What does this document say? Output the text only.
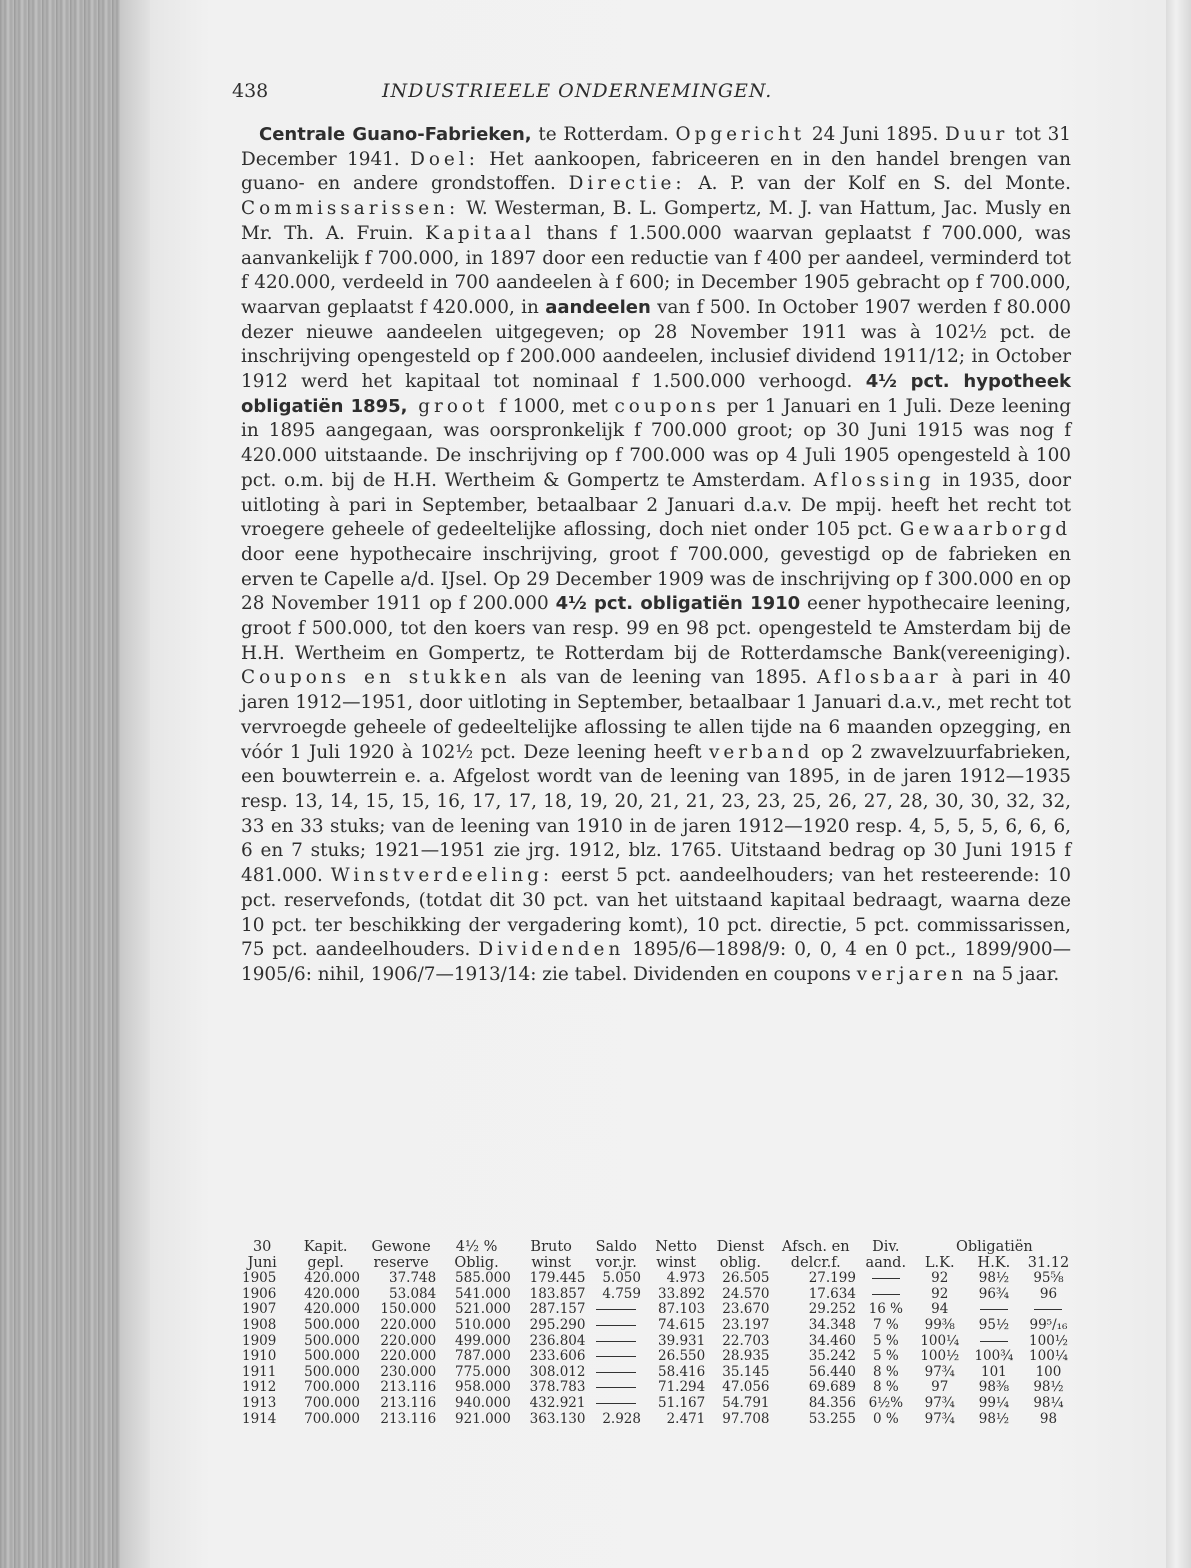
438	INDUSTRIEELE ONDERNEMINGEN.

Centrale Guano-Fabrieken, te Rotterdam. Opgericht 24 Juni 1895. Duur tot 31 December 1941. Doel: Het aankoopen, fabriceeren en in den handel brengen van guano- en andere grondstoffen. Directie: A. P. van der Kolf en S. del Monte. Commissarissen: W. Westerman, B. L. Gompertz, M. J. van Hattum, Jac. Musly en Mr. Th. A. Fruin. Kapitaal thans f 1.500.000 waarvan geplaatst f 700.000, was aanvankelijk f 700.000, in 1897 door een reductie van f 400 per aandeel, verminderd tot f 420.000, verdeeld in 700 aandeelen à f 600; in December 1905 gebracht op f 700.000, waarvan geplaatst f 420.000, in aandeelen van f 500. In October 1907 werden f 80.000 dezer nieuwe aandeelen uitgegeven; op 28 November 1911 was à 102½ pct. de inschrijving opengesteld op f 200.000 aandeelen, inclusief dividend 1911/12; in October 1912 werd het kapitaal tot nominaal f 1.500.000 verhoogd. 4½ pct. hypotheek obligatiën 1895, groot f 1000, met coupons per 1 Januari en 1 Juli. Deze leening in 1895 aangegaan, was oorspronkelijk f 700.000 groot; op 30 Juni 1915 was nog f 420.000 uitstaande. De inschrijving op f 700.000 was op 4 Juli 1905 opengesteld à 100 pct. o.m. bij de H.H. Wertheim & Gompertz te Amsterdam. Aflossing in 1935, door uitloting à pari in September, betaalbaar 2 Januari d.a.v. De mpij. heeft het recht tot vroegere geheele of gedeeltelijke aflossing, doch niet onder 105 pct. Gewaarborgd door eene hypothecaire inschrijving, groot f 700.000, gevestigd op de fabrieken en erven te Capelle a/d. IJsel. Op 29 December 1909 was de inschrijving op f 300.000 en op 28 November 1911 op f 200.000 4½ pct. obligatiën 1910 eener hypothecaire leening, groot f 500.000, tot den koers van resp. 99 en 98 pct. opengesteld te Amsterdam bij de H.H. Wertheim en Gompertz, te Rotterdam bij de Rotterdamsche Bank(vereeniging). Coupons en stukken als van de leening van 1895. Aflosbaar à pari in 40 jaren 1912—1951, door uitloting in September, betaalbaar 1 Januari d.a.v., met recht tot vervroegde geheele of gedeeltelijke aflossing te allen tijde na 6 maanden opzegging, en vóór 1 Juli 1920 à 102½ pct. Deze leening heeft verband op 2 zwavelzuurfabrieken, een bouwterrein e. a. Afgelost wordt van de leening van 1895, in de jaren 1912—1935 resp. 13, 14, 15, 15, 16, 17, 17, 18, 19, 20, 21, 21, 23, 23, 25, 26, 27, 28, 30, 30, 32, 32, 33 en 33 stuks; van de leening van 1910 in de jaren 1912—1920 resp. 4, 5, 5, 5, 6, 6, 6, 6 en 7 stuks; 1921—1951 zie jrg. 1912, blz. 1765. Uitstaand bedrag op 30 Juni 1915 f 481.000. Winstverdeeling: eerst 5 pct. aandeelhouders; van het resteerende: 10 pct. reservefonds, (totdat dit 30 pct. van het uitstaand kapitaal bedraagt, waarna deze 10 pct. ter beschikking der vergadering komt), 10 pct. directie, 5 pct. commissarissen, 75 pct. aandeelhouders. Dividenden 1895/6—1898/9: 0, 0, 4 en 0 pct., 1899/900—1905/6: nihil, 1906/7—1913/14: zie tabel. Dividenden en coupons verjaren na 5 jaar.

30	Kapit.	Gewone	4½ %	Bruto	Saldo	Netto	Dienst	Afsch. en	Div.	Obligatiën		
Juni	gepl.	reserve	Oblig.	winst	vor.jr.	winst	oblig.	delcr.f.	aand.	L.K.	H.K.	31.12
1905	420.000	37.748	585.000	179.445	5.050	4.973	26.505	27.199		92	98½	95⅝
1906	420.000	53.084	541.000	183.857	4.759	33.892	24.570	17.634		92	96¾	96
1907	420.000	150.000	521.000	287.157		87.103	23.670	29.252	16 %	94		
1908	500.000	220.000	510.000	295.290		74.615	23.197	34.348	7 %	99⅜	95½	99⁵/₁₆
1909	500.000	220.000	499.000	236.804		39.931	22.703	34.460	5 %	100¼		100½
1910	500.000	220.000	787.000	233.606		26.550	28.935	35.242	5 %	100½	100¾	100¼
1911	500.000	230.000	775.000	308.012		58.416	35.145	56.440	8 %	97¾	101	100
1912	700.000	213.116	958.000	378.783		71.294	47.056	69.689	8 %	97	98⅜	98½
1913	700.000	213.116	940.000	432.921		51.167	54.791	84.356	6½%	97¾	99¼	98¼
1914	700.000	213.116	921.000	363.130	2.928	2.471	97.708	53.255	0 %	97¾	98½	98
